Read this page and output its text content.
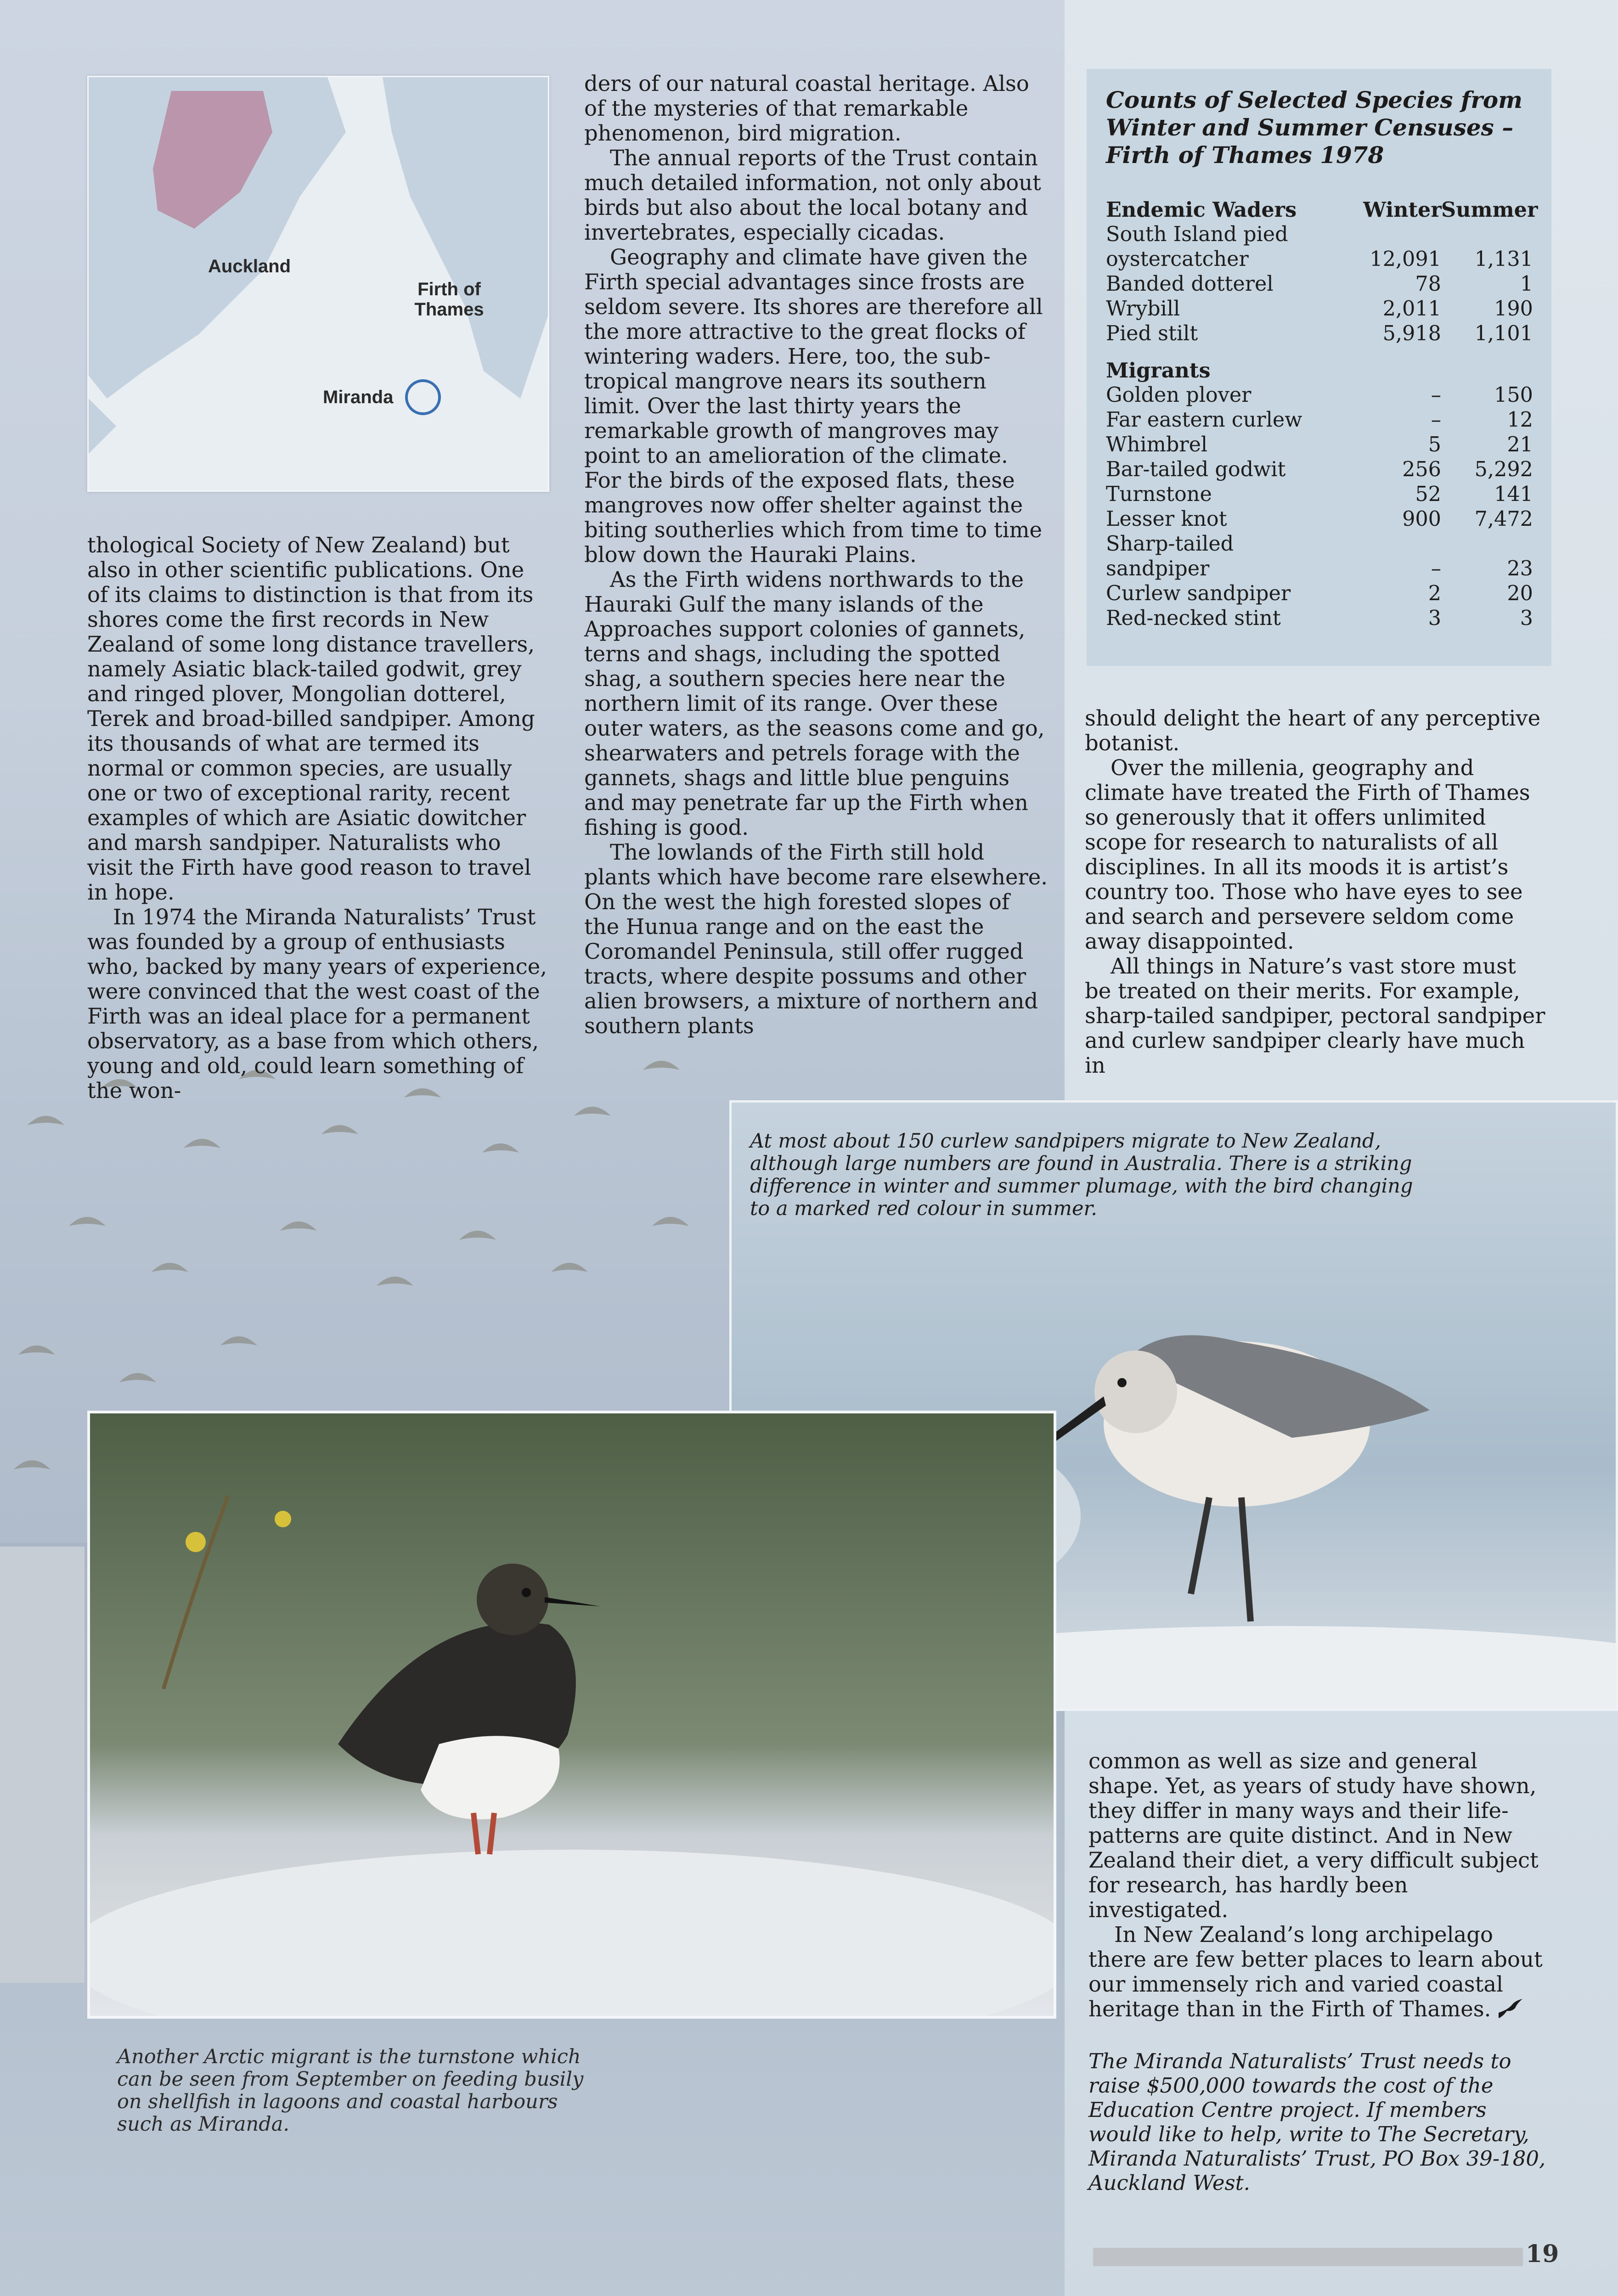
Auckland
Firth of
Thames
Miranda

thological Society of New Zealand) but also in other scientific publications. One of its claims to distinction is that from its shores come the first records in New Zealand of some long distance travellers, namely Asiatic black-tailed godwit, grey and ringed plover, Mongolian dotterel, Terek and broad-billed sandpiper. Among its thousands of what are termed its normal or common species, are usually one or two of exceptional rarity, recent examples of which are Asiatic dowitcher and marsh sandpiper. Naturalists who visit the Firth have good reason to travel in hope.

In 1974 the Miranda Naturalists’ Trust was founded by a group of enthusiasts who, backed by many years of experience, were convinced that the west coast of the Firth was an ideal place for a permanent observatory, as a base from which others, young and old, could learn something of the won-

ders of our natural coastal heritage. Also of the mysteries of that remarkable phenomenon, bird migration.

The annual reports of the Trust contain much detailed information, not only about birds but also about the local botany and invertebrates, especially cicadas.

Geography and climate have given the Firth special advantages since frosts are seldom severe. Its shores are therefore all the more attractive to the great flocks of wintering waders. Here, too, the sub-tropical mangrove nears its southern limit. Over the last thirty years the remarkable growth of mangroves may point to an amelioration of the climate. For the birds of the exposed flats, these mangroves now offer shelter against the biting southerlies which from time to time blow down the Hauraki Plains.

As the Firth widens northwards to the Hauraki Gulf the many islands of the Approaches support colonies of gannets, terns and shags, including the spotted shag, a southern species here near the northern limit of its range. Over these outer waters, as the seasons come and go, shearwaters and petrels forage with the gannets, shags and little blue penguins and may penetrate far up the Firth when fishing is good.

The lowlands of the Firth still hold plants which have become rare elsewhere. On the west the high forested slopes of the Hunua range and on the east the Coromandel Peninsula, still offer rugged tracts, where despite possums and other alien browsers, a mixture of northern and southern plants

Counts of Selected Species from Winter and Summer Censuses – Firth of Thames 1978
Endemic Waders	Winter Summer
South Island pied
oystercatcher	12,091	1,131
Banded dotterel	78	1
Wrybill	2,011	190
Pied stilt	5,918	1,101
Migrants
Golden plover	–	150
Far eastern curlew	–	12
Whimbrel	5	21
Bar-tailed godwit	256	5,292
Turnstone	52	141
Lesser knot	900	7,472
Sharp-tailed
sandpiper	–	23
Curlew sandpiper	2	20
Red-necked stint	3	3

should delight the heart of any perceptive botanist.

Over the millenia, geography and climate have treated the Firth of Thames so generously that it offers unlimited scope for research to naturalists of all disciplines. In all its moods it is artist’s country too. Those who have eyes to see and search and persevere seldom come away disappointed.

All things in Nature’s vast store must be treated on their merits. For example, sharp-tailed sandpiper, pectoral sandpiper and curlew sandpiper clearly have much in

At most about 150 curlew sandpipers migrate to New Zealand, although large numbers are found in Australia. There is a striking difference in winter and summer plumage, with the bird changing to a marked red colour in summer.
Another Arctic migrant is the turnstone which can be seen from September on feeding busily on shellfish in lagoons and coastal harbours such as Miranda.

common as well as size and general shape. Yet, as years of study have shown, they differ in many ways and their life-patterns are quite distinct. And in New Zealand their diet, a very difficult subject for research, has hardly been investigated.

In New Zealand’s long archipelago there are few better places to learn about our immensely rich and varied coastal heritage than in the Firth of Thames.

The Miranda Naturalists’ Trust needs to raise $500,000 towards the cost of the Education Centre project. If members would like to help, write to The Secretary, Miranda Naturalists’ Trust, PO Box 39-180, Auckland West.

19
